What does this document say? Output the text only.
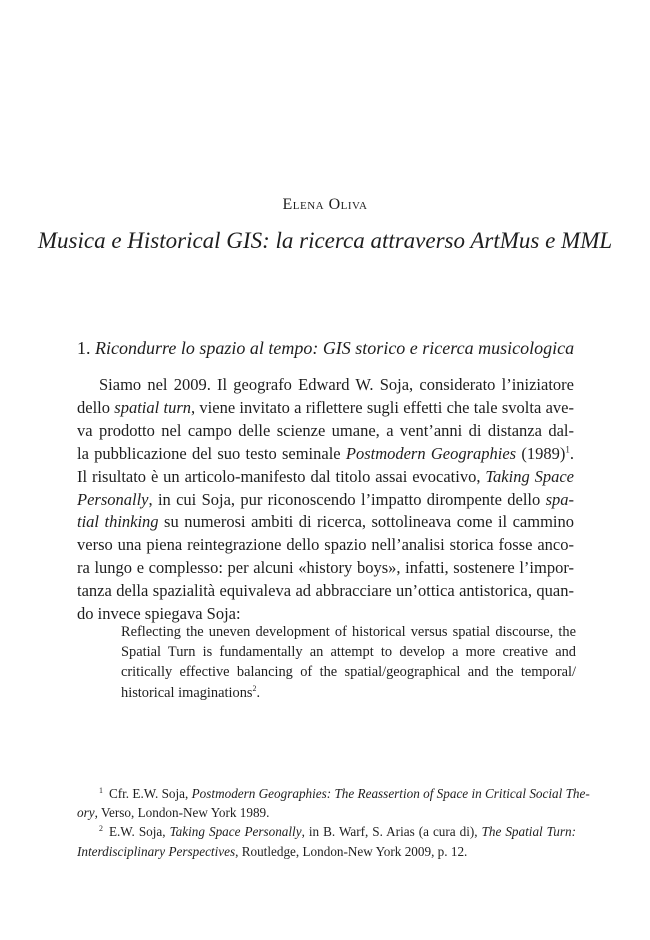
Elena Oliva
Musica e Historical GIS: la ricerca attraverso ArtMus e MML
1. Ricondurre lo spazio al tempo: GIS storico e ricerca musicologica
Siamo nel 2009. Il geografo Edward W. Soja, considerato l’iniziatore
dello spatial turn, viene invitato a riflettere sugli effetti che tale svolta ave-
va prodotto nel campo delle scienze umane, a vent’anni di distanza dal-
la pubblicazione del suo testo seminale Postmodern Geographies $(1989)^1$.
Il risultato è un articolo-manifesto dal titolo assai evocativo, Taking Space
Personally, in cui Soja, pur riconoscendo l’impatto dirompente dello spa-
tial thinking su numerosi ambiti di ricerca, sottolineava come il cammino
verso una piena reintegrazione dello spazio nell’analisi storica fosse anco-
ra lungo e complesso: per alcuni «history boys», infatti, sostenere l’impor-
tanza della spazialità equivaleva ad abbracciare un’ottica antistorica, quan-
do invece spiegava Soja:
Reflecting the uneven development of historical versus spatial discourse, the
Spatial Turn is fundamentally an attempt to develop a more creative and
critically effective balancing of the spatial/geographical and the temporal/
historical imaginations$^2$.
$^1$ Cfr. E.W. Soja, Postmodern Geographies: The Reassertion of Space in Critical Social The-
ory, Verso, London-New York 1989.
$^2$ E.W. Soja, Taking Space Personally, in B. Warf, S. Arias (a cura di), The Spatial Turn:
Interdisciplinary Perspectives, Routledge, London-New York 2009, p. 12.
